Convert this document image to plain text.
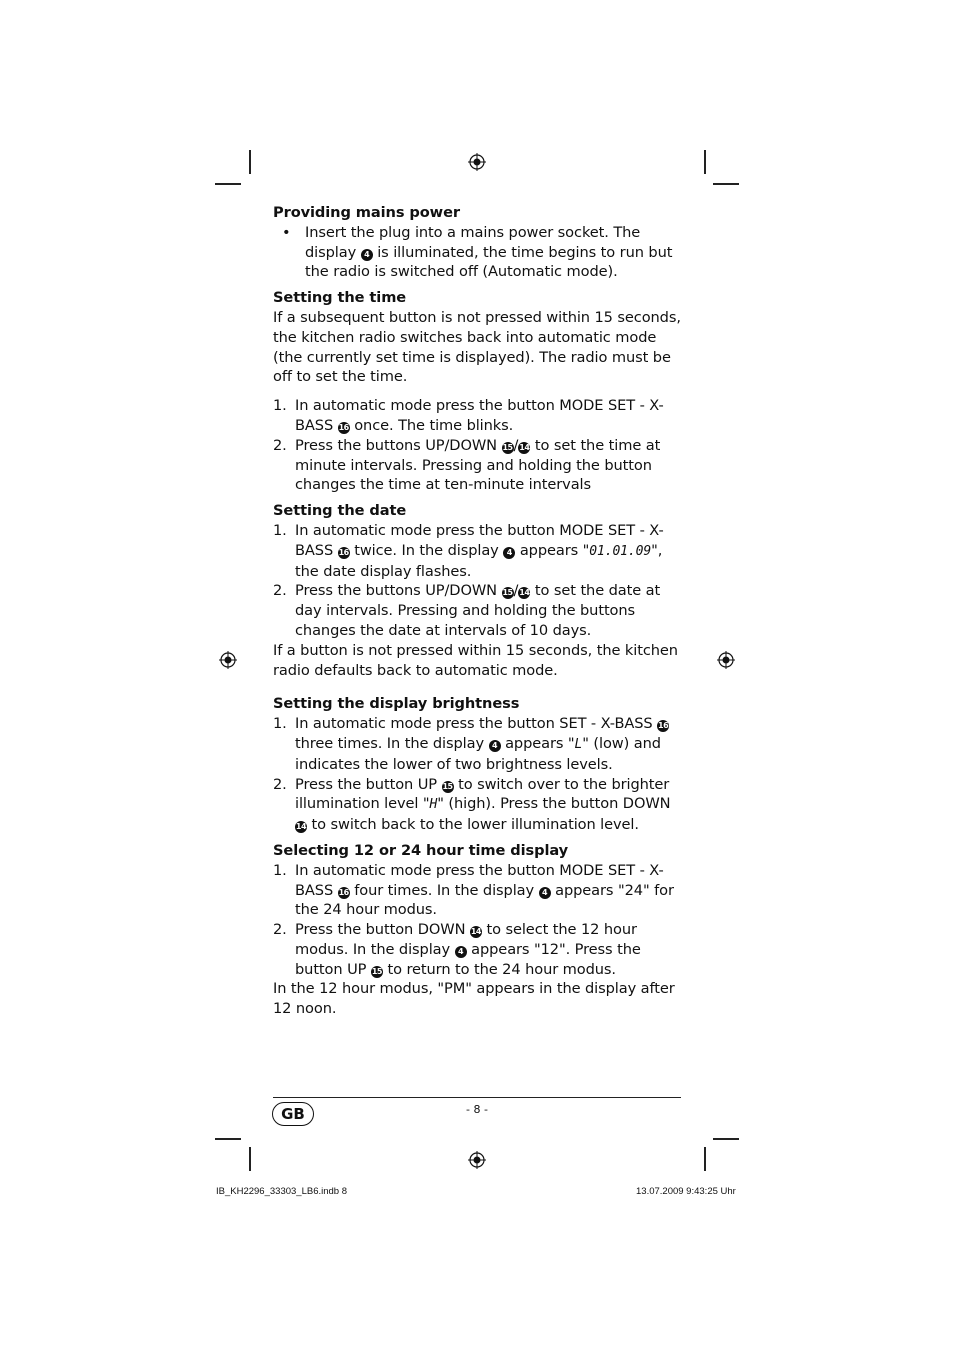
Providing mains power

• Insert the plug into a mains power socket. The display 4 is illuminated, the time begins to run but the radio is switched off (Automatic mode).

Setting the time

If a subsequent button is not pressed within 15 seconds, the kitchen radio switches back into automatic mode (the currently set time is displayed). The radio must be off to set the time.

1. In automatic mode press the button MODE SET - X-BASS 16 once. The time blinks.

2. Press the buttons UP/DOWN 15/14 to set the time at minute intervals. Pressing and holding the button changes the time at ten-minute intervals

Setting the date

1. In automatic mode press the button MODE SET - X-BASS 16 twice. In the display 4 appears "01.01.09", the date display flashes.

2. Press the buttons UP/DOWN 15/14 to set the date at day intervals. Pressing and holding the buttons changes the date at intervals of 10 days.

If a button is not pressed within 15 seconds, the kitchen radio defaults back to automatic mode.

Setting the display brightness

1. In automatic mode press the button SET - X-BASS 16 three times. In the display 4 appears "L" (low) and indicates the lower of two brightness levels.

2. Press the button UP 15 to switch over to the brighter illumination level "H" (high). Press the button DOWN 14 to switch back to the lower illumination level.

Selecting 12 or 24 hour time display

1. In automatic mode press the button MODE SET - X-BASS 16 four times. In the display 4 appears "24" for the 24 hour modus.

2. Press the button DOWN 14 to select the 12 hour modus. In the display 4 appears "12". Press the button UP 15 to return to the 24 hour modus.

In the 12 hour modus, "PM" appears in the display after 12 noon.

GB	- 8 -
IB_KH2296_33303_LB6.indb 8	13.07.2009 9:43:25 Uhr
